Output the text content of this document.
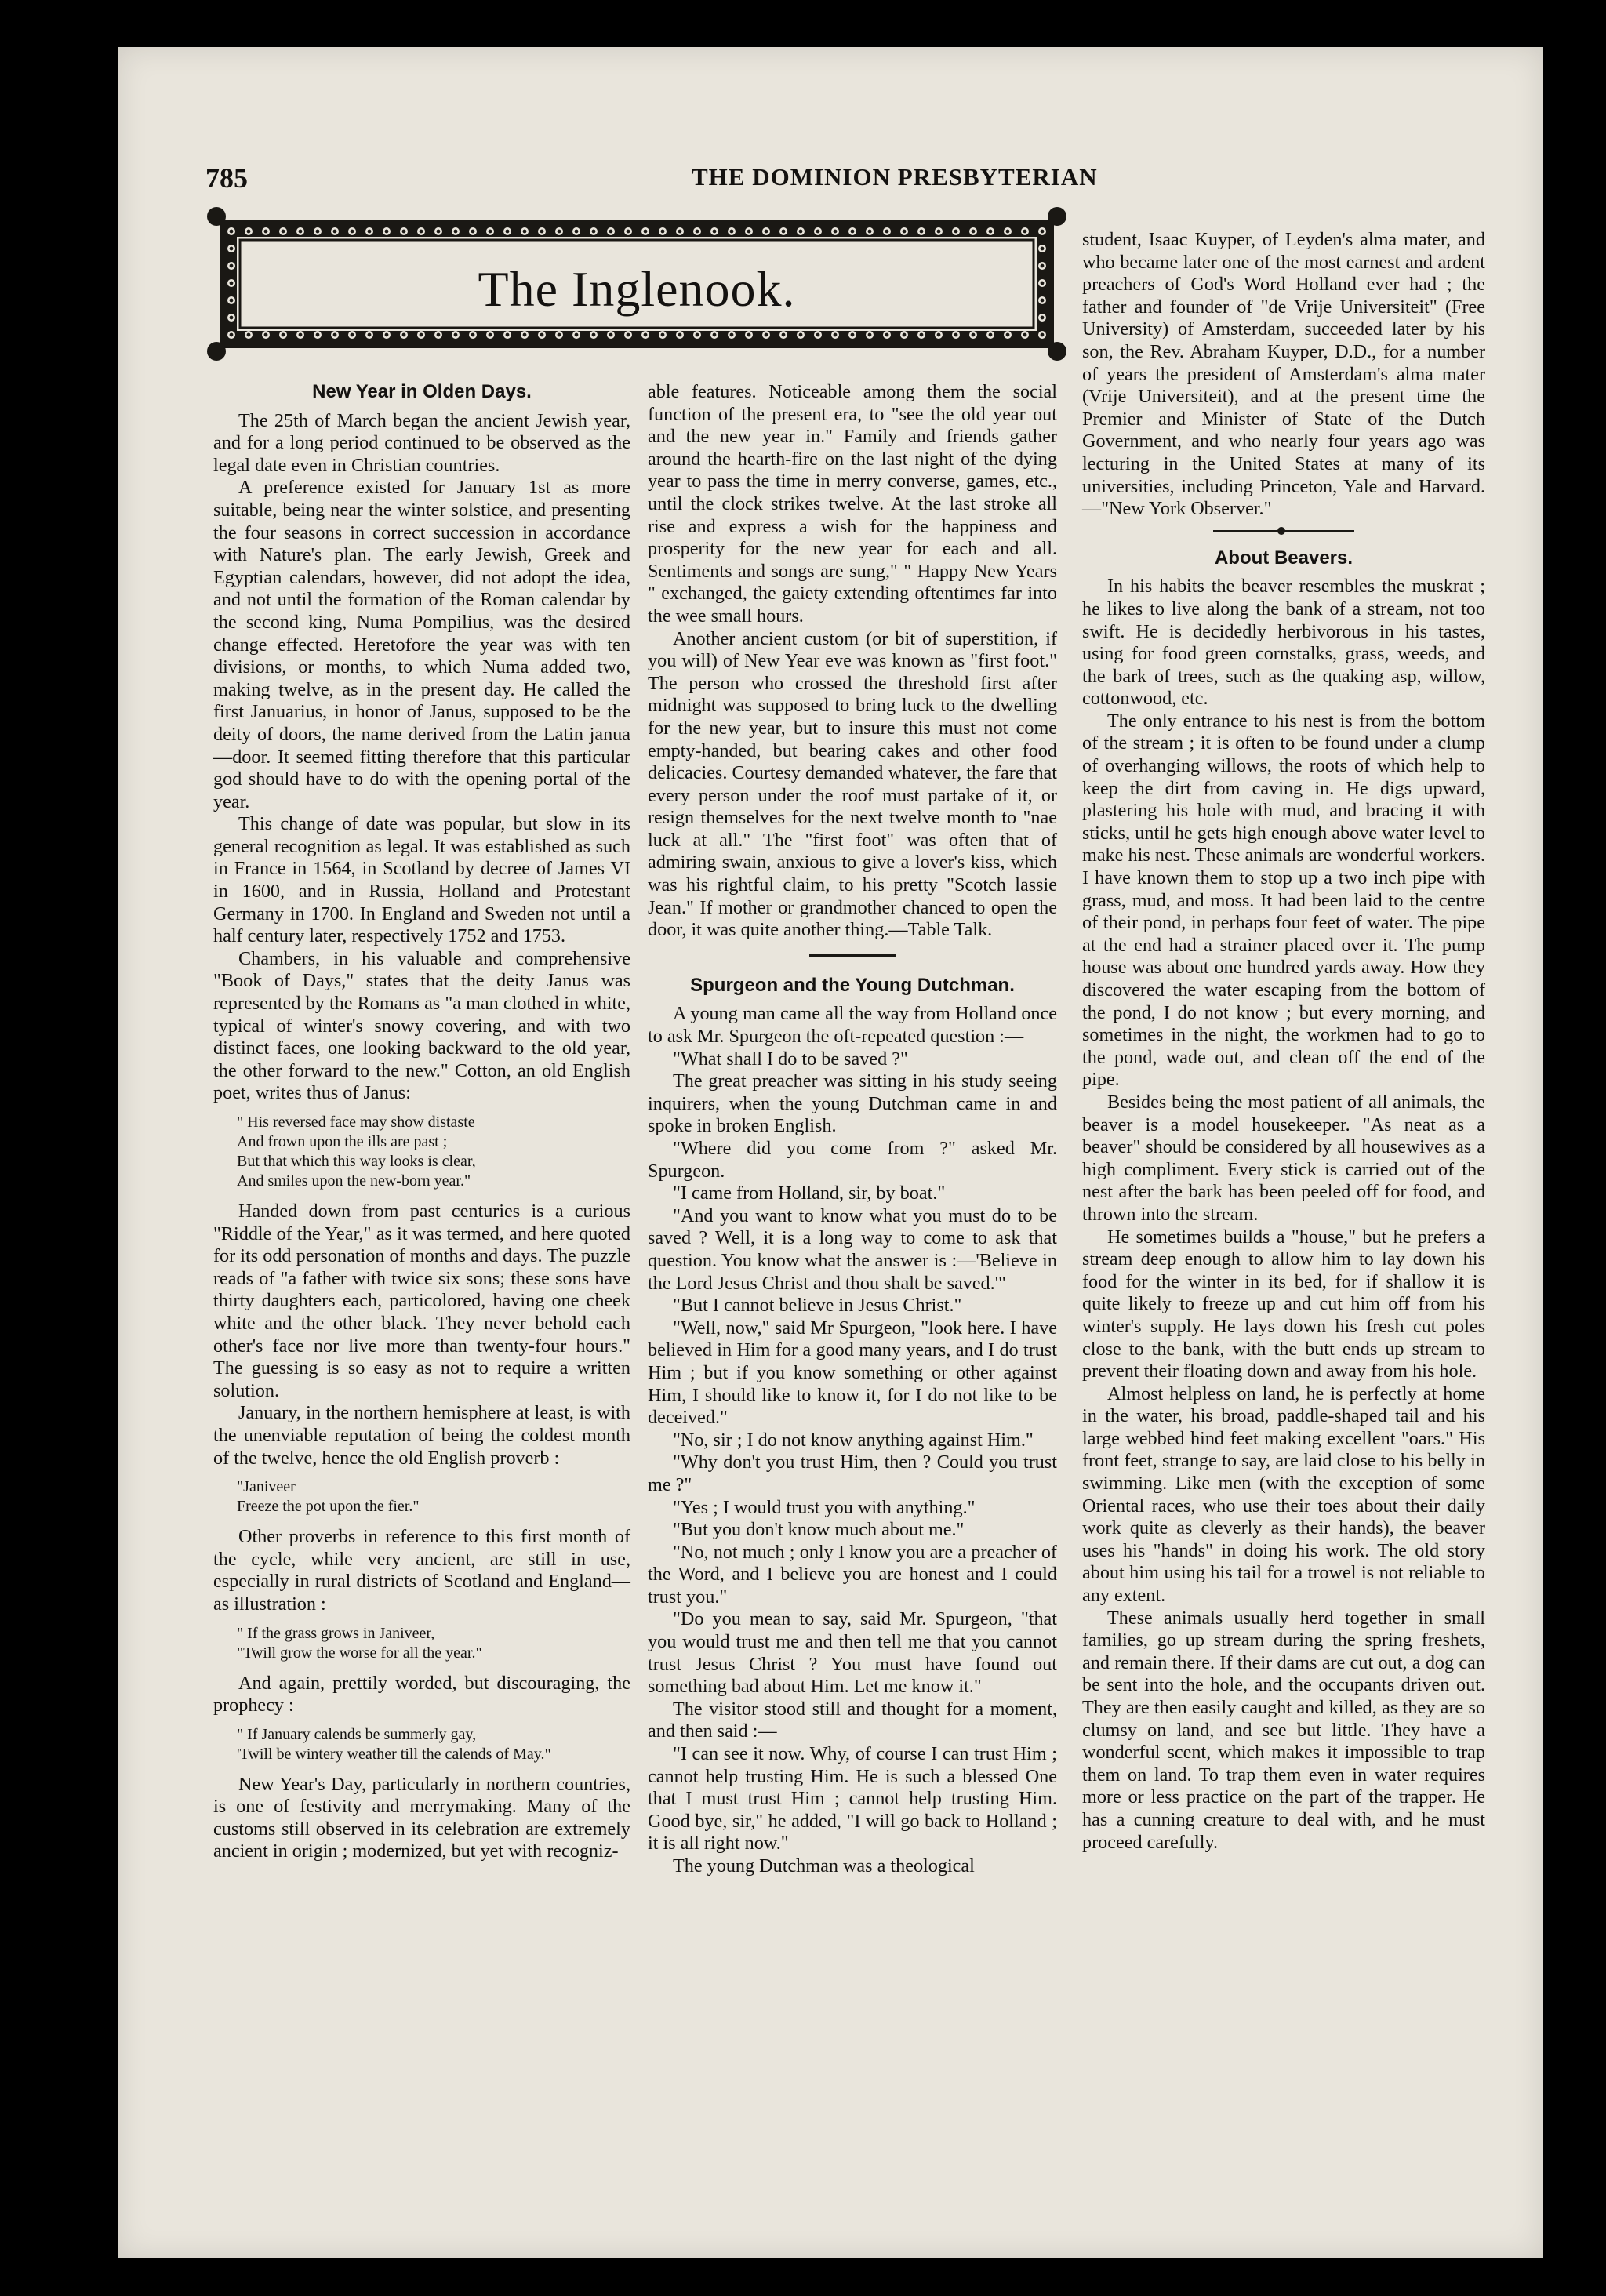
785	THE DOMINION PRESBYTERIAN
The Inglenook.
New Year in Olden Days.

The 25th of March began the ancient Jewish year, and for a long period continued to be observed as the legal date even in Christian countries.

A preference existed for January 1st as more suitable, being near the winter solstice, and presenting the four seasons in correct succession in accordance with Nature's plan. The early Jewish, Greek and Egyptian calendars, however, did not adopt the idea, and not until the formation of the Roman calendar by the second king, Numa Pompilius, was the desired change effected. Heretofore the year was with ten divisions, or months, to which Numa added two, making twelve, as in the present day. He called the first Januarius, in honor of Janus, supposed to be the deity of doors, the name derived from the Latin janua—door. It seemed fitting therefore that this particular god should have to do with the opening portal of the year.

This change of date was popular, but slow in its general recognition as legal. It was established as such in France in 1564, in Scotland by decree of James VI in 1600, and in Russia, Holland and Protestant Germany in 1700. In England and Sweden not until a half century later, respectively 1752 and 1753.

Chambers, in his valuable and comprehensive "Book of Days," states that the deity Janus was represented by the Romans as "a man clothed in white, typical of winter's snowy covering, and with two distinct faces, one looking backward to the old year, the other forward to the new." Cotton, an old English poet, writes thus of Janus:

" His reversed face may show distaste
And frown upon the ills are past ;
But that which this way looks is clear,
And smiles upon the new-born year."

Handed down from past centuries is a curious "Riddle of the Year," as it was termed, and here quoted for its odd personation of months and days. The puzzle reads of "a father with twice six sons; these sons have thirty daughters each, particolored, having one cheek white and the other black. They never behold each other's face nor live more than twenty-four hours." The guessing is so easy as not to require a written solution.

January, in the northern hemisphere at least, is with the unenviable reputation of being the coldest month of the twelve, hence the old English proverb :

"Janiveer—
Freeze the pot upon the fier."

Other proverbs in reference to this first month of the cycle, while very ancient, are still in use, especially in rural districts of Scotland and England—as illustration :

" If the grass grows in Janiveer,
"Twill grow the worse for all the year."

And again, prettily worded, but discouraging, the prophecy :

" If January calends be summerly gay,
'Twill be wintery weather till the calends of May."

New Year's Day, particularly in northern countries, is one of festivity and merrymaking. Many of the customs still observed in its celebration are extremely ancient in origin ; modernized, but yet with recogniz-

able features. Noticeable among them the social function of the present era, to "see the old year out and the new year in." Family and friends gather around the hearth-fire on the last night of the dying year to pass the time in merry converse, games, etc., until the clock strikes twelve. At the last stroke all rise and express a wish for the happiness and prosperity for the new year for each and all. Sentiments and songs are sung," " Happy New Years " exchanged, the gaiety extending oftentimes far into the wee small hours.

Another ancient custom (or bit of superstition, if you will) of New Year eve was known as "first foot." The person who crossed the threshold first after midnight was supposed to bring luck to the dwelling for the new year, but to insure this must not come empty-handed, but bearing cakes and other food delicacies. Courtesy demanded whatever, the fare that every person under the roof must partake of it, or resign themselves for the next twelve month to "nae luck at all." The "first foot" was often that of admiring swain, anxious to give a lover's kiss, which was his rightful claim, to his pretty "Scotch lassie Jean." If mother or grandmother chanced to open the door, it was quite another thing.—Table Talk.

Spurgeon and the Young Dutchman.

A young man came all the way from Holland once to ask Mr. Spurgeon the oft-repeated question :—

"What shall I do to be saved ?"

The great preacher was sitting in his study seeing inquirers, when the young Dutchman came in and spoke in broken English.

"Where did you come from ?" asked Mr. Spurgeon.

"I came from Holland, sir, by boat."

"And you want to know what you must do to be saved ? Well, it is a long way to come to ask that question. You know what the answer is :—'Believe in the Lord Jesus Christ and thou shalt be saved.'"

"But I cannot believe in Jesus Christ."

"Well, now," said Mr Spurgeon, "look here. I have believed in Him for a good many years, and I do trust Him ; but if you know something or other against Him, I should like to know it, for I do not like to be deceived."

"No, sir ; I do not know anything against Him."

"Why don't you trust Him, then ? Could you trust me ?"

"Yes ; I would trust you with anything."

"But you don't know much about me."

"No, not much ; only I know you are a preacher of the Word, and I believe you are honest and I could trust you."

"Do you mean to say, said Mr. Spurgeon, "that you would trust me and then tell me that you cannot trust Jesus Christ ? You must have found out something bad about Him. Let me know it."

The visitor stood still and thought for a moment, and then said :—

"I can see it now. Why, of course I can trust Him ; cannot help trusting Him. He is such a blessed One that I must trust Him ; cannot help trusting Him. Good bye, sir," he added, "I will go back to Holland ; it is all right now."

The young Dutchman was a theological

student, Isaac Kuyper, of Leyden's alma mater, and who became later one of the most earnest and ardent preachers of God's Word Holland ever had ; the father and founder of "de Vrije Universiteit" (Free University) of Amsterdam, succeeded later by his son, the Rev. Abraham Kuyper, D.D., for a number of years the president of Amsterdam's alma mater (Vrije Universiteit), and at the present time the Premier and Minister of State of the Dutch Government, and who nearly four years ago was lecturing in the United States at many of its universities, including Princeton, Yale and Harvard.—"New York Observer."

About Beavers.

In his habits the beaver resembles the muskrat ; he likes to live along the bank of a stream, not too swift. He is decidedly herbivorous in his tastes, using for food green cornstalks, grass, weeds, and the bark of trees, such as the quaking asp, willow, cottonwood, etc.

The only entrance to his nest is from the bottom of the stream ; it is often to be found under a clump of overhanging willows, the roots of which help to keep the dirt from caving in. He digs upward, plastering his hole with mud, and bracing it with sticks, until he gets high enough above water level to make his nest. These animals are wonderful workers. I have known them to stop up a two inch pipe with grass, mud, and moss. It had been laid to the centre of their pond, in perhaps four feet of water. The pipe at the end had a strainer placed over it. The pump house was about one hundred yards away. How they discovered the water escaping from the bottom of the pond, I do not know ; but every morning, and sometimes in the night, the workmen had to go to the pond, wade out, and clean off the end of the pipe.

Besides being the most patient of all animals, the beaver is a model housekeeper. "As neat as a beaver" should be considered by all housewives as a high compliment. Every stick is carried out of the nest after the bark has been peeled off for food, and thrown into the stream.

He sometimes builds a "house," but he prefers a stream deep enough to allow him to lay down his food for the winter in its bed, for if shallow it is quite likely to freeze up and cut him off from his winter's supply. He lays down his fresh cut poles close to the bank, with the butt ends up stream to prevent their floating down and away from his hole.

Almost helpless on land, he is perfectly at home in the water, his broad, paddle-shaped tail and his large webbed hind feet making excellent "oars." His front feet, strange to say, are laid close to his belly in swimming. Like men (with the exception of some Oriental races, who use their toes about their daily work quite as cleverly as their hands), the beaver uses his "hands" in doing his work. The old story about him using his tail for a trowel is not reliable to any extent.

These animals usually herd together in small families, go up stream during the spring freshets, and remain there. If their dams are cut out, a dog can be sent into the hole, and the occupants driven out. They are then easily caught and killed, as they are so clumsy on land, and see but little. They have a wonderful scent, which makes it impossible to trap them on land. To trap them even in water requires more or less practice on the part of the trapper. He has a cunning creature to deal with, and he must proceed carefully.
